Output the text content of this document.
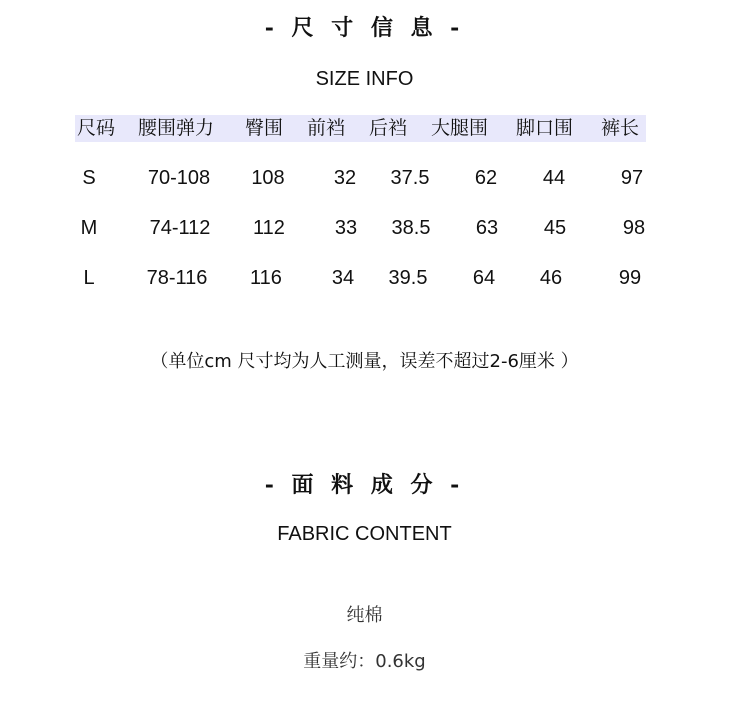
- 尺 寸 信 息 -
SIZE INFO
尺码 腰围弹力 臀围 前裆 后裆 大腿围 脚口围 裤长
S	70-108	108	32	37.5	62	44	97
M	74-112	112	33	38.5	63	45	98
L	78-116	116	34	39.5	64	46	99
（单位cm 尺寸均为人工测量，误差不超过2-6厘米 ）
- 面 料 成 分 -
FABRIC CONTENT
纯棉
重量约：0.6kg
